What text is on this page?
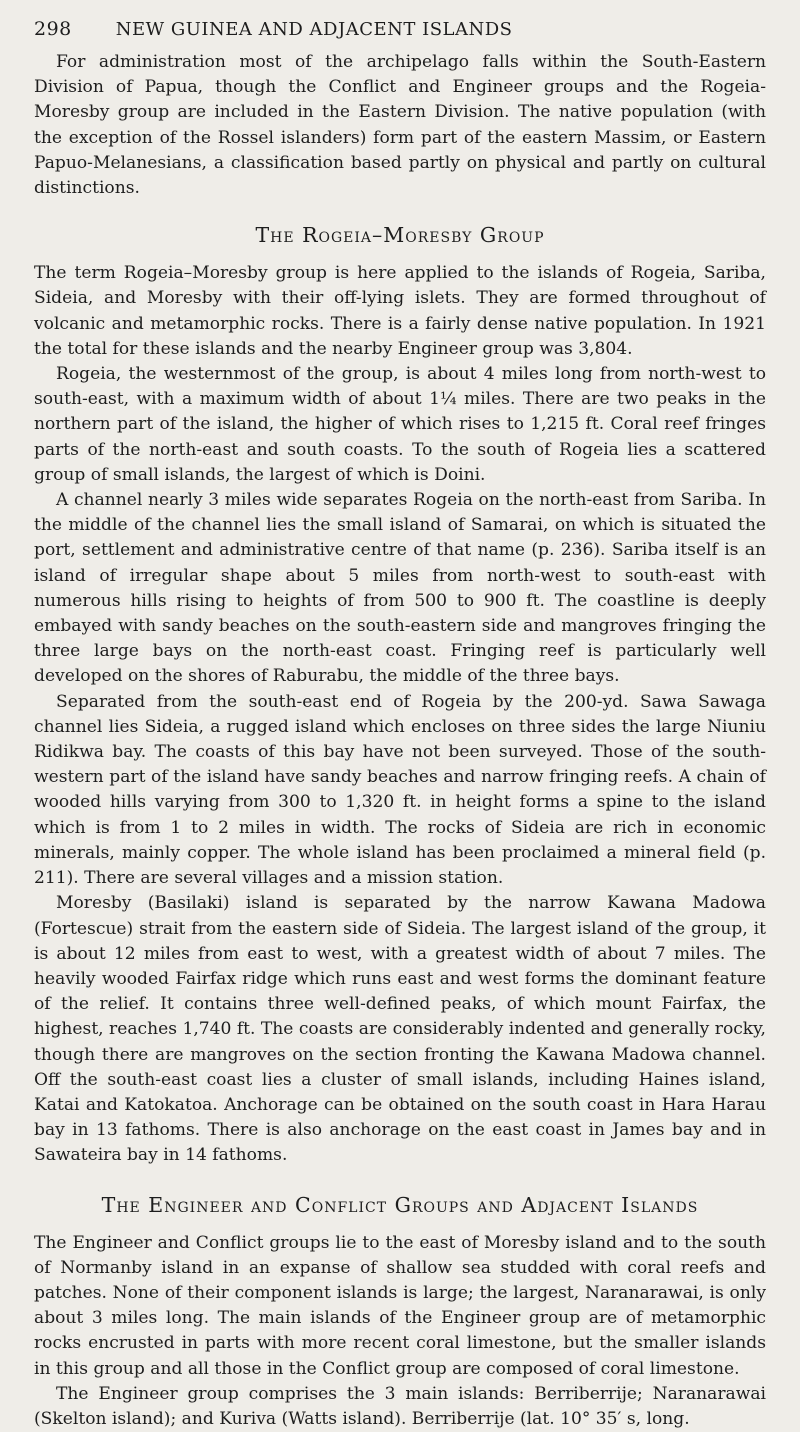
298 NEW GUINEA AND ADJACENT ISLANDS

For administration most of the archipelago falls within the South-Eastern Division of Papua, though the Conflict and Engineer groups and the Rogeia-Moresby group are included in the Eastern Division. The native population (with the exception of the Rossel islanders) form part of the eastern Massim, or Eastern Papuo-Melanesians, a classification based partly on physical and partly on cultural distinctions.

The Rogeia–Moresby Group

The term Rogeia–Moresby group is here applied to the islands of Rogeia, Sariba, Sideia, and Moresby with their off-lying islets. They are formed throughout of volcanic and metamorphic rocks. There is a fairly dense native population. In 1921 the total for these islands and the nearby Engineer group was 3,804.

Rogeia, the westernmost of the group, is about 4 miles long from north-west to south-east, with a maximum width of about 1¼ miles. There are two peaks in the northern part of the island, the higher of which rises to 1,215 ft. Coral reef fringes parts of the north-east and south coasts. To the south of Rogeia lies a scattered group of small islands, the largest of which is Doini.

A channel nearly 3 miles wide separates Rogeia on the north-east from Sariba. In the middle of the channel lies the small island of Samarai, on which is situated the port, settlement and administrative centre of that name (p. 236). Sariba itself is an island of irregular shape about 5 miles from north-west to south-east with numerous hills rising to heights of from 500 to 900 ft. The coastline is deeply embayed with sandy beaches on the south-eastern side and mangroves fringing the three large bays on the north-east coast. Fringing reef is particularly well developed on the shores of Raburabu, the middle of the three bays.

Separated from the south-east end of Rogeia by the 200-yd. Sawa Sawaga channel lies Sideia, a rugged island which encloses on three sides the large Niuniu Ridikwa bay. The coasts of this bay have not been surveyed. Those of the south-western part of the island have sandy beaches and narrow fringing reefs. A chain of wooded hills varying from 300 to 1,320 ft. in height forms a spine to the island which is from 1 to 2 miles in width. The rocks of Sideia are rich in economic minerals, mainly copper. The whole island has been proclaimed a mineral field (p. 211). There are several villages and a mission station.

Moresby (Basilaki) island is separated by the narrow Kawana Madowa (Fortescue) strait from the eastern side of Sideia. The largest island of the group, it is about 12 miles from east to west, with a greatest width of about 7 miles. The heavily wooded Fairfax ridge which runs east and west forms the dominant feature of the relief. It contains three well-defined peaks, of which mount Fairfax, the highest, reaches 1,740 ft. The coasts are considerably indented and generally rocky, though there are mangroves on the section fronting the Kawana Madowa channel. Off the south-east coast lies a cluster of small islands, including Haines island, Katai and Katokatoa. Anchorage can be obtained on the south coast in Hara Harau bay in 13 fathoms. There is also anchorage on the east coast in James bay and in Sawateira bay in 14 fathoms.

The Engineer and Conflict Groups and Adjacent Islands

The Engineer and Conflict groups lie to the east of Moresby island and to the south of Normanby island in an expanse of shallow sea studded with coral reefs and patches. None of their component islands is large; the largest, Naranarawai, is only about 3 miles long. The main islands of the Engineer group are of metamorphic rocks encrusted in parts with more recent coral limestone, but the smaller islands in this group and all those in the Conflict group are composed of coral limestone.

The Engineer group comprises the 3 main islands: Berriberrije; Naranarawai (Skelton island); and Kuriva (Watts island). Berriberrije (lat. 10° 35′ s, long.
